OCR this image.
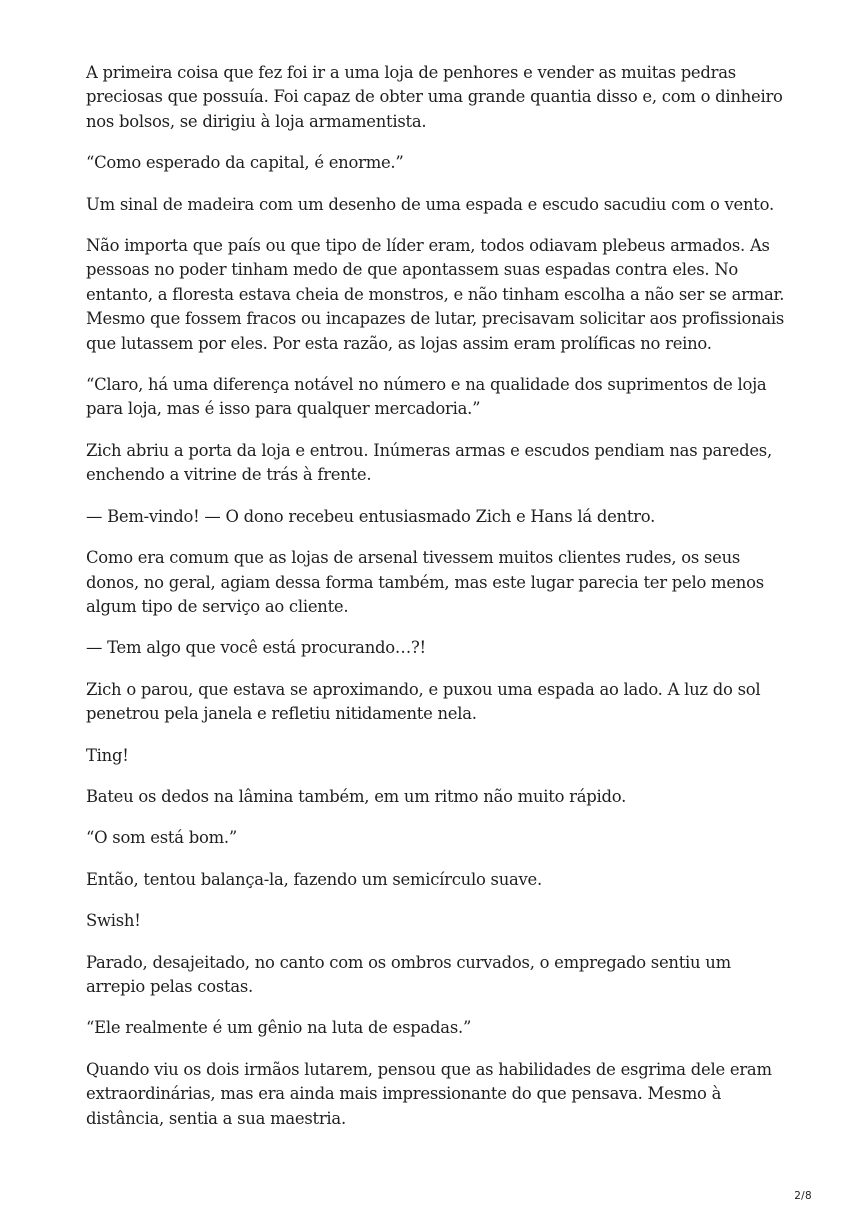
A primeira coisa que fez foi ir a uma loja de penhores e vender as muitas pedras preciosas que possuía. Foi capaz de obter uma grande quantia disso e, com o dinheiro nos bolsos, se dirigiu à loja armamentista.

“Como esperado da capital, é enorme.”

Um sinal de madeira com um desenho de uma espada e escudo sacudiu com o vento.

Não importa que país ou que tipo de líder eram, todos odiavam plebeus armados. As pessoas no poder tinham medo de que apontassem suas espadas contra eles. No entanto, a floresta estava cheia de monstros, e não tinham escolha a não ser se armar. Mesmo que fossem fracos ou incapazes de lutar, precisavam solicitar aos profissionais que lutassem por eles. Por esta razão, as lojas assim eram prolíficas no reino.

“Claro, há uma diferença notável no número e na qualidade dos suprimentos de loja para loja, mas é isso para qualquer mercadoria.”

Zich abriu a porta da loja e entrou. Inúmeras armas e escudos pendiam nas paredes, enchendo a vitrine de trás à frente.

— Bem-vindo! — O dono recebeu entusiasmado Zich e Hans lá dentro.

Como era comum que as lojas de arsenal tivessem muitos clientes rudes, os seus donos, no geral, agiam dessa forma também, mas este lugar parecia ter pelo menos algum tipo de serviço ao cliente.

— Tem algo que você está procurando…?!

Zich o parou, que estava se aproximando, e puxou uma espada ao lado. A luz do sol penetrou pela janela e refletiu nitidamente nela.

Ting!

Bateu os dedos na lâmina também, em um ritmo não muito rápido.

“O som está bom.”

Então, tentou balança-la, fazendo um semicírculo suave.

Swish!

Parado, desajeitado, no canto com os ombros curvados, o empregado sentiu um arrepio pelas costas.

“Ele realmente é um gênio na luta de espadas.”

Quando viu os dois irmãos lutarem, pensou que as habilidades de esgrima dele eram extraordinárias, mas era ainda mais impressionante do que pensava. Mesmo à distância, sentia a sua maestria.

2/8
